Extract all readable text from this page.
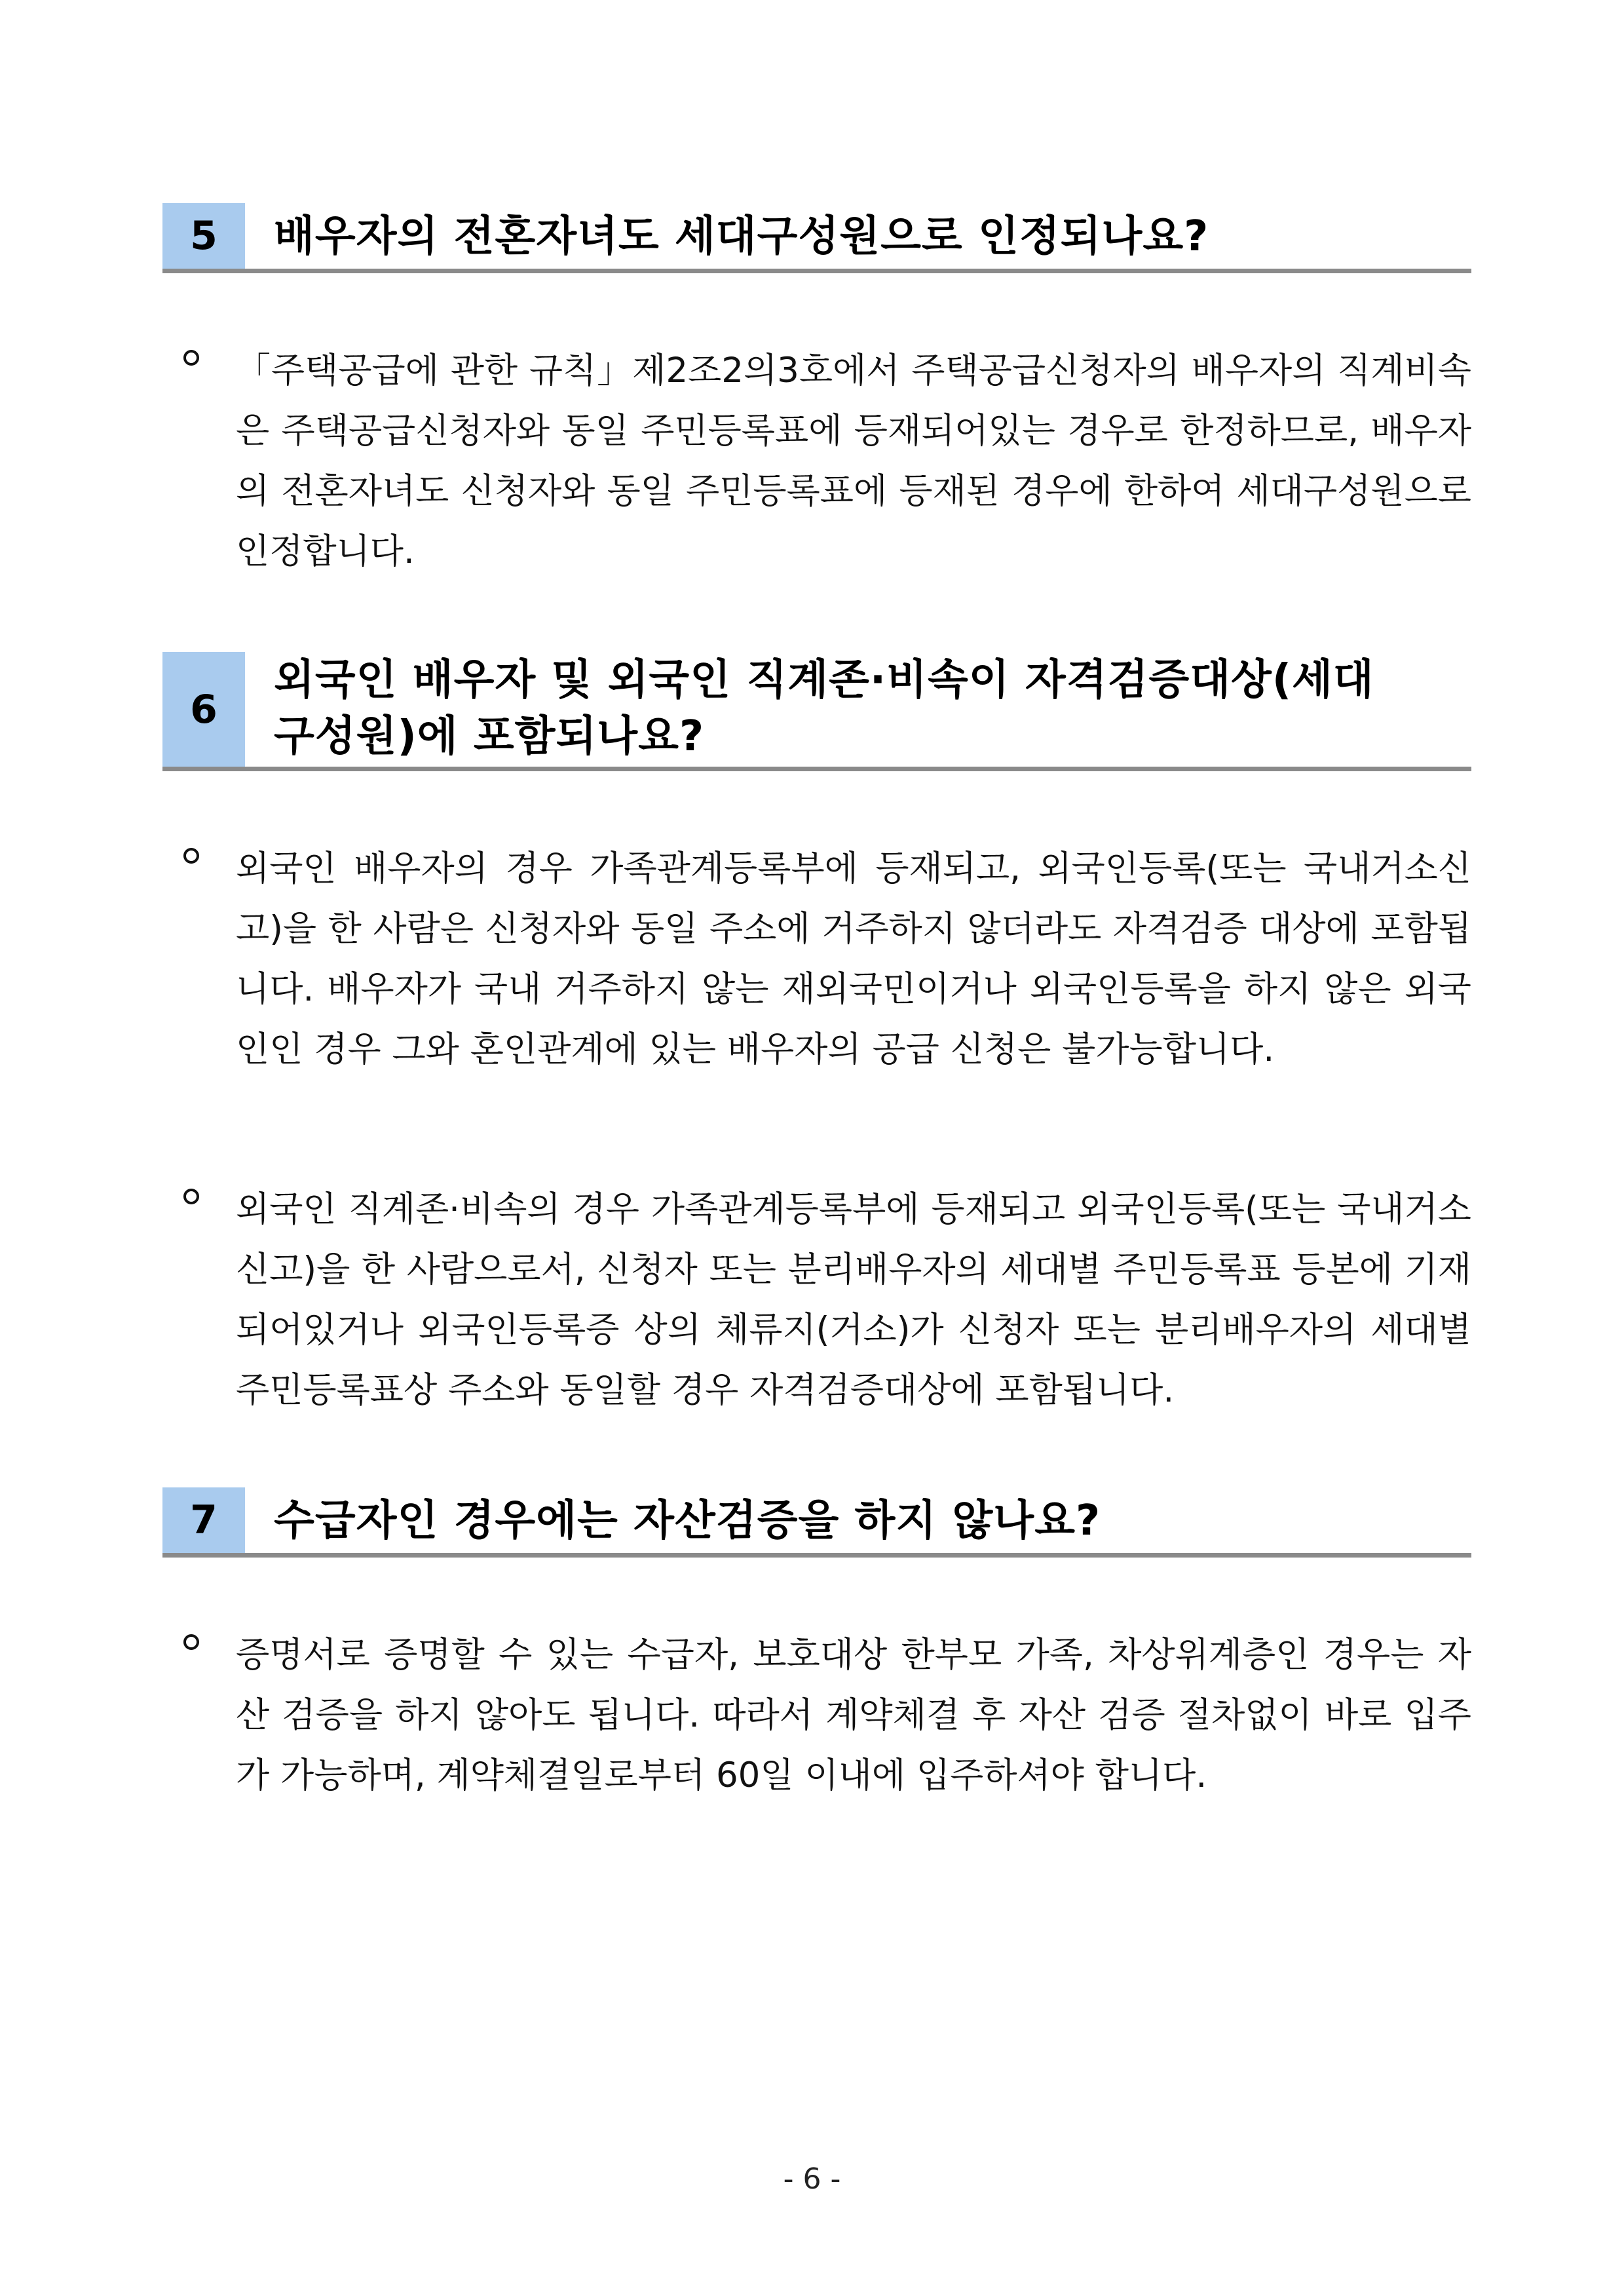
5	배우자의 전혼자녀도 세대구성원으로 인정되나요?
「주택공급에 관한 규칙」제2조2의3호에서 주택공급신청자의 배우자의 직계비속은 주택공급신청자와 동일 주민등록표에 등재되어있는 경우로 한정하므로, 배우자의 전혼자녀도 신청자와 동일 주민등록표에 등재된 경우에 한하여 세대구성원으로 인정합니다.
6
외국인 배우자 및 외국인 직계존·비속이 자격검증대상(세대구성원)에 포함되나요?
외국인 배우자의 경우 가족관계등록부에 등재되고, 외국인등록(또는 국내거소신고)을 한 사람은 신청자와 동일 주소에 거주하지 않더라도 자격검증 대상에 포함됩니다. 배우자가 국내 거주하지 않는 재외국민이거나 외국인등록을 하지 않은 외국인인 경우 그와 혼인관계에 있는 배우자의 공급 신청은 불가능합니다.
외국인 직계존·비속의 경우 가족관계등록부에 등재되고 외국인등록(또는 국내거소신고)을 한 사람으로서, 신청자 또는 분리배우자의 세대별 주민등록표 등본에 기재되어있거나 외국인등록증 상의 체류지(거소)가 신청자 또는 분리배우자의 세대별 주민등록표상 주소와 동일할 경우 자격검증대상에 포함됩니다.
7	수급자인 경우에는 자산검증을 하지 않나요?
증명서로 증명할 수 있는 수급자, 보호대상 한부모 가족, 차상위계층인 경우는 자산 검증을 하지 않아도 됩니다. 따라서 계약체결 후 자산 검증 절차없이 바로 입주가 가능하며, 계약체결일로부터 60일 이내에 입주하셔야 합니다.
- 6 -
